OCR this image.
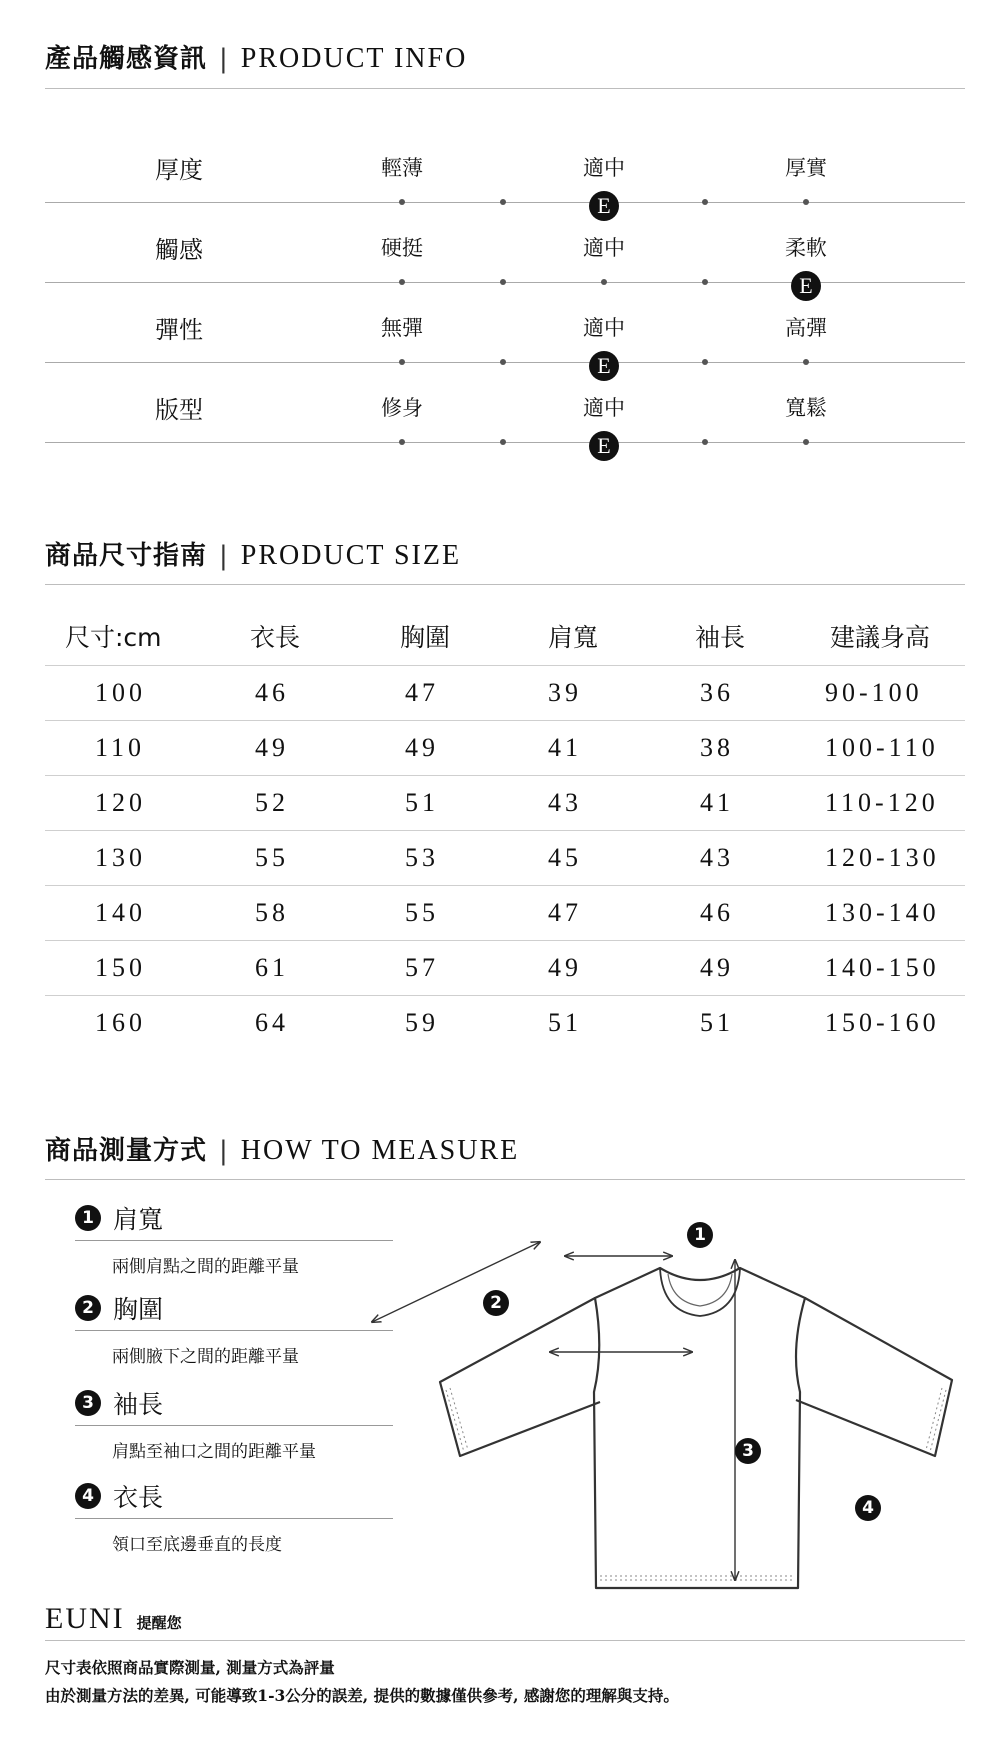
產品觸感資訊 | PRODUCT INFO
厚度	輕薄	適中	厚實
E
觸感	硬挺	適中	柔軟
E
彈性	無彈	適中	高彈
E
版型	修身	適中	寬鬆
E
商品尺寸指南 | PRODUCT SIZE
尺寸:cm	衣長	胸圍	肩寬	袖長	建議身高
100	46	47	39	36	90-100
110	49	49	41	38	100-110
120	52	51	43	41	110-120
130	55	53	45	43	120-130
140	58	55	47	46	130-140
150	61	57	49	49	140-150
160	64	59	51	51	150-160
商品測量方式 | HOW TO MEASURE
1 肩寬
兩側肩點之間的距離平量
2 胸圍
兩側腋下之間的距離平量
3 袖長
肩點至袖口之間的距離平量
4 衣長
領口至底邊垂直的長度
1
1
2
3
4
EUNI 提醒您
尺寸表依照商品實際測量, 測量方式為評量
由於測量方法的差異, 可能導致1-3公分的誤差, 提供的數據僅供參考, 感謝您的理解與支持。
